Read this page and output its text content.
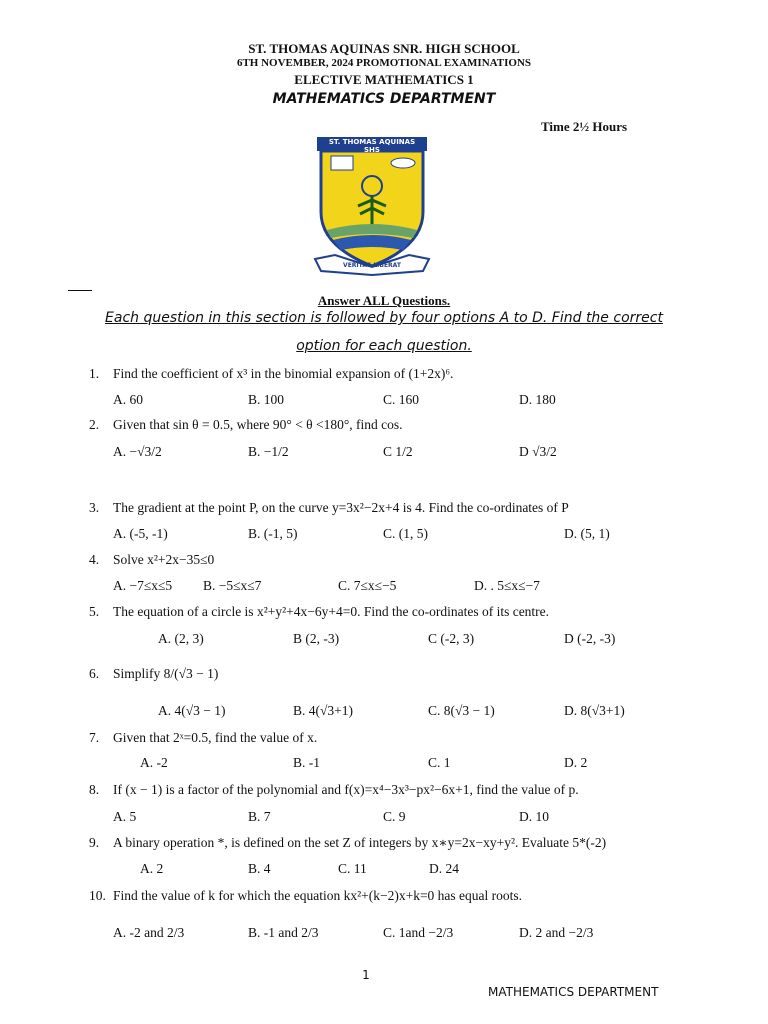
ST. THOMAS AQUINAS SNR. HIGH SCHOOL
6TH NOVEMBER, 2024 PROMOTIONAL EXAMINATIONS
ELECTIVE MATHEMATICS 1
MATHEMATICS DEPARTMENT
Time 2½ Hours
ST. THOMAS AQUINAS SHS
VERITAS LIBERAT
Answer ALL Questions.
Each question in this section is followed by four options A to D. Find the correct
option for each question.
1. Find the coefficient of x³ in the binomial expansion of (1+2x)⁶.
A. 60	B. 100	C. 160	D. 180
2. Given that sin θ = 0.5, where 90° < θ <180°, find cos.
A. −√3/2	B. −1/2	C 1/2	D √3/2
3. The gradient at the point P, on the curve y=3x²−2x+4 is 4. Find the co-ordinates of P
A. (-5, -1)	B. (-1, 5)	C. (1, 5)	D. (5, 1)
4. Solve x²+2x−35≤0
A. −7≤x≤5 B. −5≤x≤7	C. 7≤x≤−5	D. . 5≤x≤−7
5. The equation of a circle is x²+y²+4x−6y+4=0. Find the co-ordinates of its centre.
A. (2, 3)	B (2, -3)	C (-2, 3)	D (-2, -3)
6. Simplify 8/(√3 − 1)
A. 4(√3 − 1)	B. 4(√3+1)	C. 8(√3 − 1)	D. 8(√3+1)
7. Given that 2ˣ=0.5, find the value of x.
A. -2	B. -1	C. 1	D. 2
8. If (x − 1) is a factor of the polynomial and f(x)=x⁴−3x³−px²−6x+1, find the value of p.
A. 5	B. 7	C. 9	D. 10
9. A binary operation *, is defined on the set Z of integers by x∗y=2x−xy+y². Evaluate 5*(-2)
A. 2	B. 4	C. 11	D. 24
10. Find the value of k for which the equation kx²+(k−2)x+k=0 has equal roots.
A. -2 and 2/3	B. -1 and 2/3	C. 1and −2/3	D. 2 and −2/3
1
MATHEMATICS DEPARTMENT
